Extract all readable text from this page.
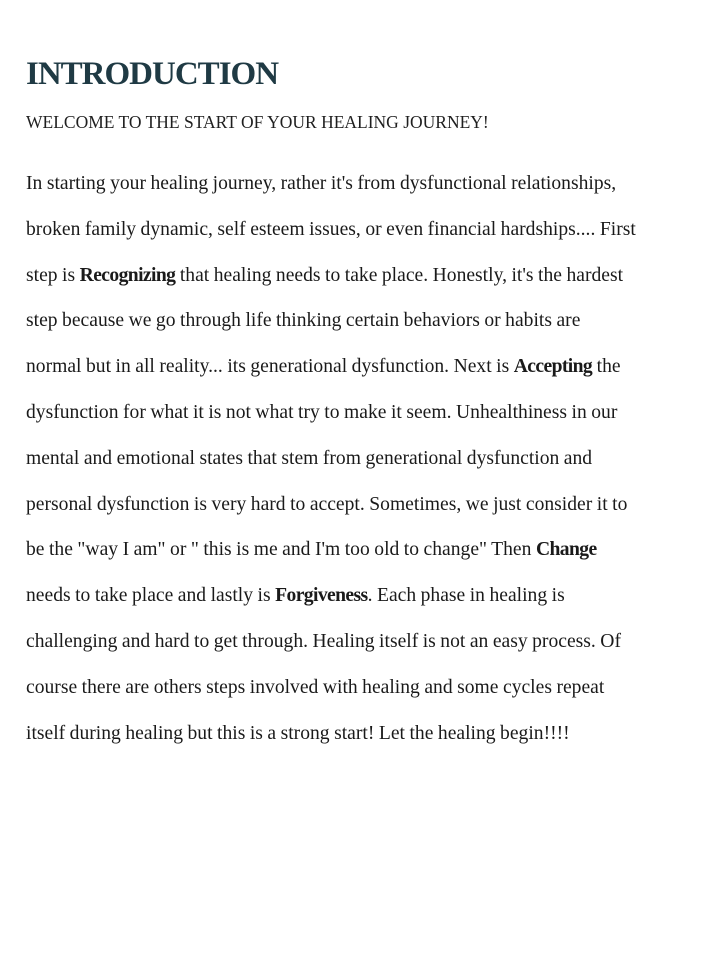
INTRODUCTION

WELCOME TO THE START OF YOUR HEALING JOURNEY!

In starting your healing journey, rather it's from dysfunctional relationships,
broken family dynamic, self esteem issues, or even financial hardships.... First
step is Recognizing that healing needs to take place. Honestly, it's the hardest
step because we go through life thinking certain behaviors or habits are
normal but in all reality... its generational dysfunction. Next is Accepting the
dysfunction for what it is not what try to make it seem. Unhealthiness in our
mental and emotional states that stem from generational dysfunction and
personal dysfunction is very hard to accept. Sometimes, we just consider it to
be the "way I am" or " this is me and I'm too old to change" Then Change
needs to take place and lastly is Forgiveness. Each phase in healing is
challenging and hard to get through. Healing itself is not an easy process. Of
course there are others steps involved with healing and some cycles repeat
itself during healing but this is a strong start! Let the healing begin!!!!
